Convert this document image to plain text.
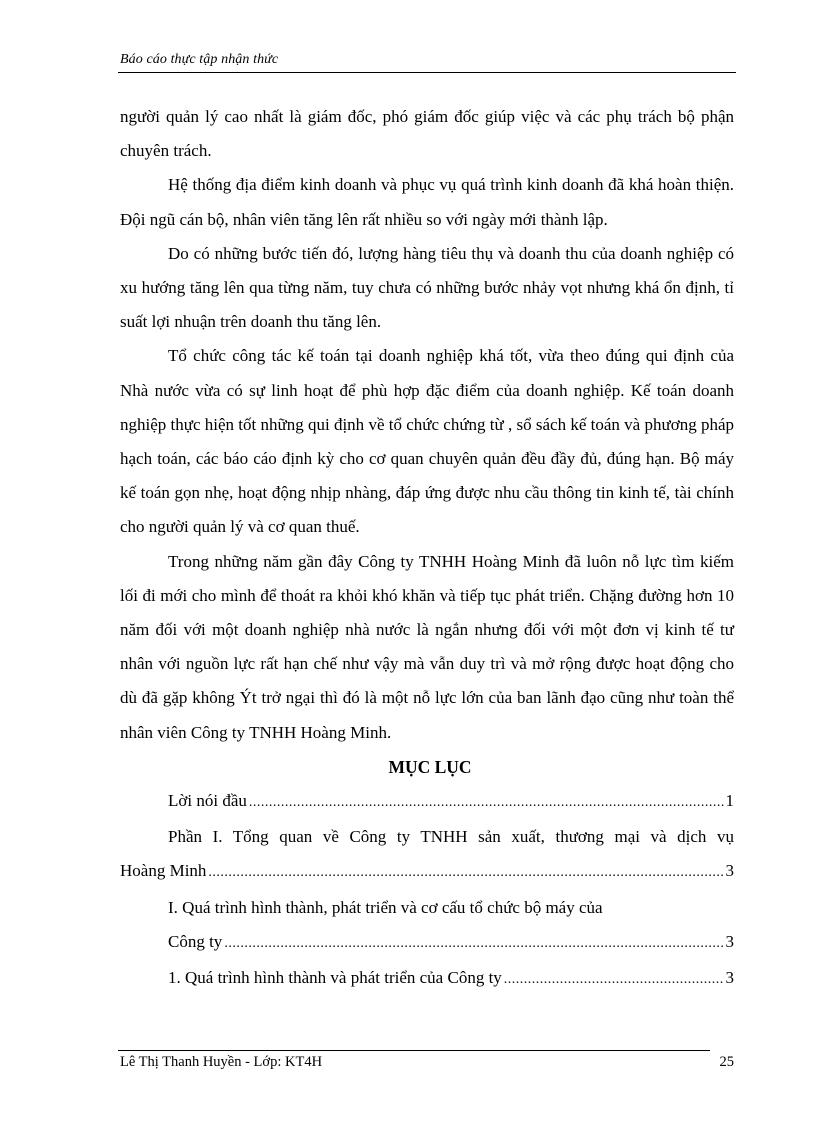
Báo cáo thực tập nhận thức

người quản lý cao nhất là giám đốc, phó giám đốc giúp việc và các phụ trách bộ phận chuyên trách.

Hệ thống địa điểm kinh doanh và phục vụ quá trình kinh doanh đã khá hoàn thiện. Đội ngũ cán bộ, nhân viên tăng lên rất nhiều so với ngày mới thành lập.

Do có những bước tiến đó, lượng hàng tiêu thụ và doanh thu của doanh nghiệp có xu hướng tăng lên qua từng năm, tuy chưa có những bước nhảy vọt nhưng khá ổn định, tỉ suất lợi nhuận trên doanh thu tăng lên.

Tổ chức công tác kế toán tại doanh nghiệp khá tốt, vừa theo đúng qui định của Nhà nước vừa có sự linh hoạt để phù hợp đặc điểm của doanh nghiệp. Kế toán doanh nghiệp thực hiện tốt những qui định về tổ chức chứng từ , sổ sách kế toán và phương pháp hạch toán, các báo cáo định kỳ cho cơ quan chuyên quản đều đầy đủ, đúng hạn. Bộ máy kế toán gọn nhẹ, hoạt động nhịp nhàng, đáp ứng được nhu cầu thông tin kinh tế, tài chính cho người quản lý và cơ quan thuế.

Trong những năm gần đây Công ty TNHH Hoàng Minh đã luôn nỗ lực tìm kiếm lối đi mới cho mình để thoát ra khỏi khó khăn và tiếp tục phát triển. Chặng đường hơn 10 năm đối với một doanh nghiệp nhà nước là ngắn nhưng đối với một đơn vị kinh tế tư nhân với nguồn lực rất hạn chế như vậy mà vẫn duy trì và mở rộng được hoạt động cho dù đã gặp không Ýt trở ngại thì đó là một nỗ lực lớn của ban lãnh đạo cũng như toàn thể nhân viên Công ty TNHH Hoàng Minh.

MỤC LỤC

Lời nói đầu .....	1
Phần I. Tổng quan về Công ty TNHH sản xuất, thương mại và dịch vụ
Hoàng Minh .....	3
I. Quá trình hình thành, phát triển và cơ cấu tổ chức bộ máy của
Công ty .....	3
1. Quá trình hình thành và phát triển của Công ty .....	3
Lê Thị Thanh Huyền - Lớp: KT4H	25
